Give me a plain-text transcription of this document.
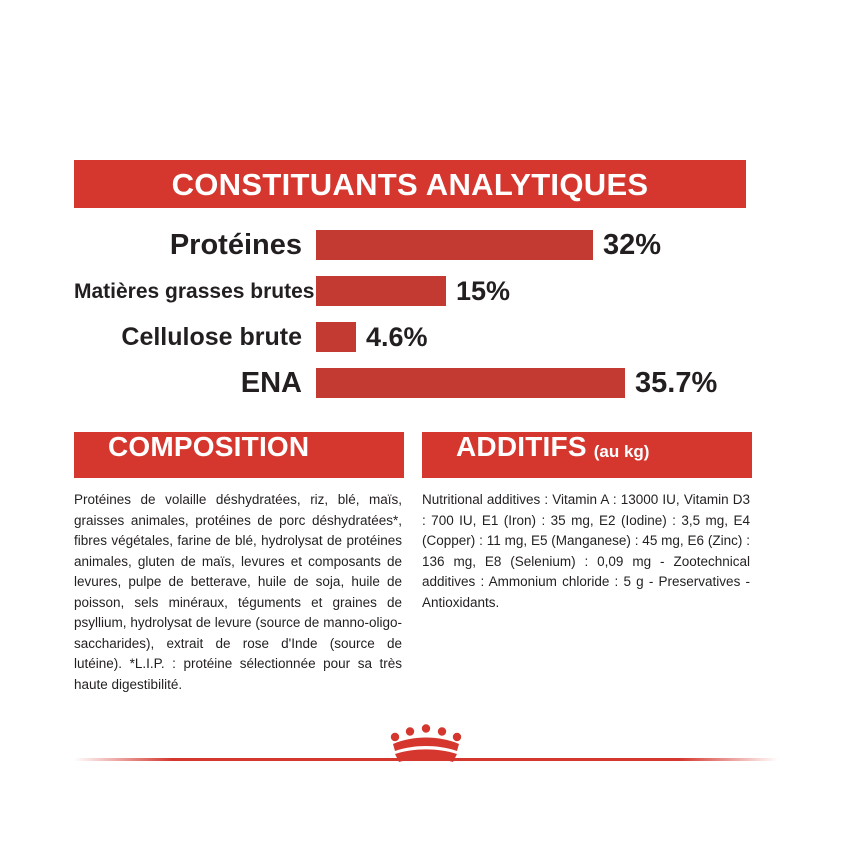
CONSTITUANTS ANALYTIQUES
Protéines	32%
Matières grasses brutes	15%
Cellulose brute	4.6%
ENA	35.7%
COMPOSITION

Protéines de volaille déshydratées, riz, blé, maïs, graisses animales, protéines de porc déshydratées*, fibres végétales, farine de blé, hydrolysat de protéines animales, gluten de maïs, levures et composants de levures, pulpe de betterave, huile de soja, huile de poisson, sels minéraux, téguments et graines de psyllium, hydrolysat de levure (source de manno-oligo-saccharides), extrait de rose d'Inde (source de lutéine). *L.I.P. : protéine sélectionnée pour sa très haute digestibilité.

ADDITIFS (au kg)

Nutritional additives : Vitamin A : 13000 IU, Vitamin D3 : 700 IU, E1 (Iron) : 35 mg, E2 (Iodine) : 3,5 mg, E4 (Copper) : 11 mg, E5 (Manganese) : 45 mg, E6 (Zinc) : 136 mg, E8 (Selenium) : 0,09 mg - Zootechnical additives : Ammonium chloride : 5 g - Preservatives - Antioxidants.
